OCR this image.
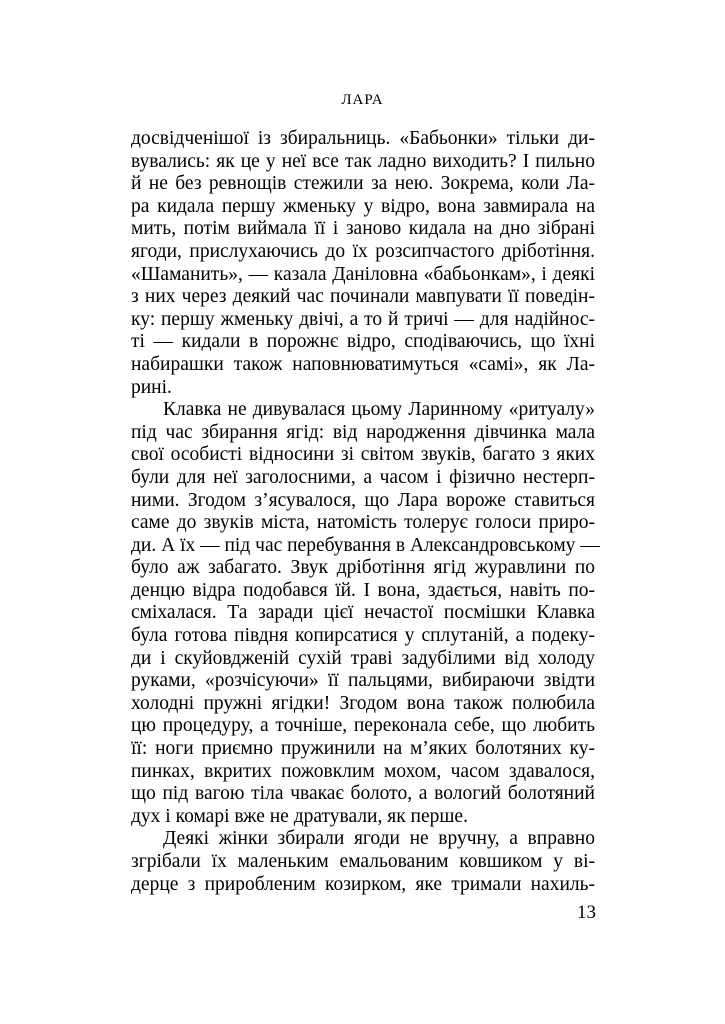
ЛАРА
досвідченішої із збиральниць. «Бабьонки» тільки ди-
вувались: як це у неї все так ладно виходить? І пильно
й не без ревнощів стежили за нею. Зокрема, коли Ла-
ра кидала першу жменьку у відро, вона завмирала на
мить, потім виймала її і заново кидала на дно зібрані
ягоди, прислухаючись до їх розсипчастого дріботіння.
«Шаманить», — казала Даніловна «бабьонкам», і деякі
з них через деякий час починали мавпувати її поведін-
ку: першу жменьку двічі, а то й тричі — для надійнос-
ті — кидали в порожнє відро, сподіваючись, що їхні
набирашки також наповнюватимуться «самі», як Ла-
рині.
Клавка не дивувалася цьому Ларинному «ритуалу»
під час збирання ягід: від народження дівчинка мала
свої особисті відносини зі світом звуків, багато з яких
були для неї заголосними, а часом і фізично нестерп-
ними. Згодом з’ясувалося, що Лара вороже ставиться
саме до звуків міста, натомість толерує голоси приро-
ди. А їх — під час перебування в Александровському —
було аж забагато. Звук дріботіння ягід журавлини по
денцю відра подобався їй. І вона, здається, навіть по-
сміхалася. Та заради цієї нечастої посмішки Клавка
була готова півдня копирсатися у сплутаній, а подеку-
ди і скуйовдженій сухій траві задубілими від холоду
руками, «розчісуючи» її пальцями, вибираючи звідти
холодні пружні ягідки! Згодом вона також полюбила
цю процедуру, а точніше, переконала себе, що любить
її: ноги приємно пружинили на м’яких болотяних ку-
пинках, вкритих пожовклим мохом, часом здавалося,
що під вагою тіла чвакає болото, а вологий болотяний
дух і комарі вже не дратували, як перше.
Деякі жінки збирали ягоди не вручну, а вправно
згрібали їх маленьким емальованим ковшиком у ві-
дерце з приробленим козирком, яке тримали нахиль-
13
